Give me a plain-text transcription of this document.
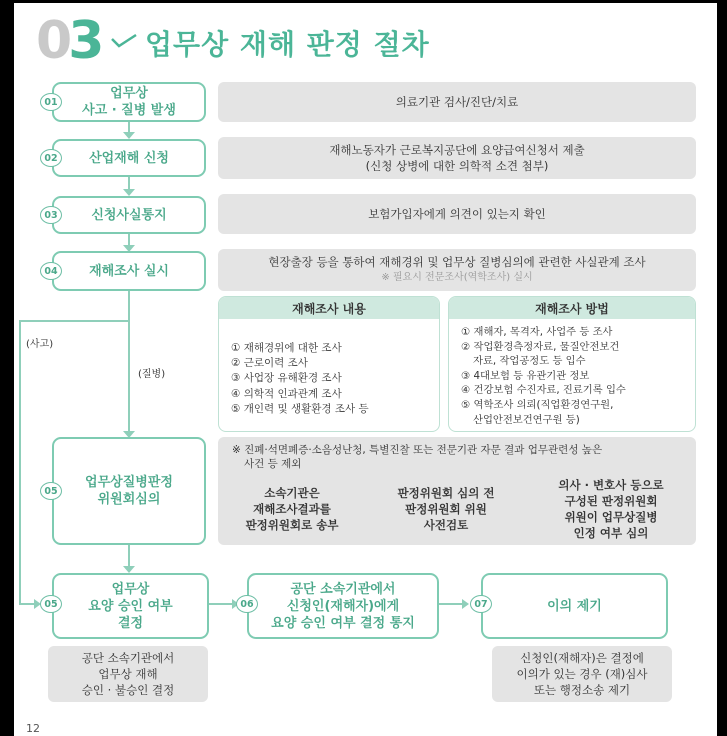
03 업무상 재해 판정 절차
업무상
사고 · 질병 발생
01	의료기관 검사/진단/치료
산업재해 신청
02
재해노동자가 근로복지공단에 요양급여신청서 제출
(신청 상병에 대한 의학적 소견 첨부)
신청사실통지
03	보험가입자에게 의견이 있는지 확인
재해조사 실시
04
현장출장 등을 통하여 재해경위 및 업무상 질병심의에 관련한 사실관계 조사
※ 필요시 전문조사(역학조사) 실시
재해조사 내용
① 재해경위에 대한 조사
② 근로이력 조사
③ 사업장 유해환경 조사
④ 의학적 인과관계 조사
⑤ 개인력 및 생활환경 조사 등
재해조사 방법
① 재해자, 목격자, 사업주 등 조사
② 작업환경측정자료, 물질안전보건
자료, 작업공정도 등 입수
③ 4대보험 등 유관기관 정보
④ 건강보험 수진자료, 진료기록 입수
⑤ 역학조사 의뢰(직업환경연구원,
산업안전보건연구원 등)
(사고)
(질병)
업무상질병판정
위원회심의
05
※ 진폐·석면폐증·소음성난청, 특별진찰 또는 전문기관 자문 결과 업무관련성 높은
사건 등 제외
소속기관은
재해조사결과를
판정위원회로 송부
판정위원회 심의 전
판정위원회 위원
사전검토
의사 · 변호사 등으로
구성된 판정위원회
위원이 업무상질병
인정 여부 심의
업무상
요양 승인 여부
결정
05
공단 소속기관에서
신청인(재해자)에게
요양 승인 여부 결정 통지
06	이의 제기
07
공단 소속기관에서
업무상 재해
승인 · 불승인 결정
신청인(재해자)은 결정에
이의가 있는 경우 (재)심사
또는 행정소송 제기
12
